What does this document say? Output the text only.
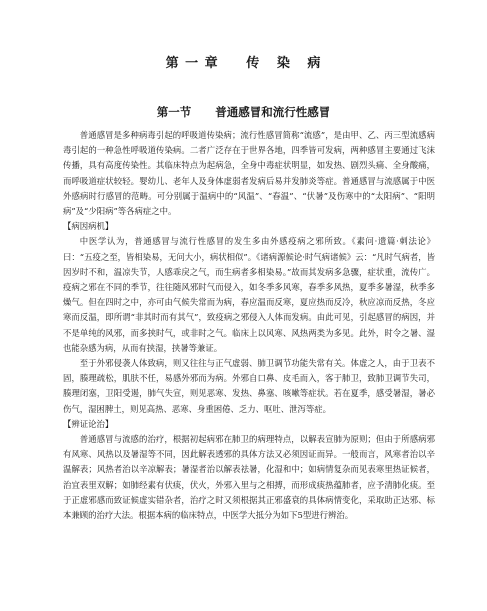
第 一 章     传   染   病
第一节      普通感冒和流行性感冒

普通感冒是多种病毒引起的呼吸道传染病；流行性感冒简称“流感”，是由甲、乙、丙三型流感病毒引起的一种急性呼吸道传染病。二者广泛存在于世界各地，四季皆可发病，两种感冒主要通过飞沫传播，具有高度传染性。其临床特点为起病急，全身中毒症状明显，如发热、剧烈头痛、全身酸痛，而呼吸道症状较轻。婴幼儿、老年人及身体虚弱者发病后易并发肺炎等症。普通感冒与流感属于中医外感病时行感冒的范畴。可分别属于温病中的“风温”、“春温”、“伏暑”及伤寒中的“太阳病”、“阳明病”及“少阳病”等各病症之中。

【病因病机】

中医学认为，普通感冒与流行性感冒的发生多由外感疫病之邪所致。《素问·遗篇·刺法论》曰：“五疫之至，皆相染易，无问大小，病状相似”。《诸病源候论·时气病诸候》云：“凡时气病者，皆因岁时不和，温凉失节，人感乖戾之气，而生病者多相染易。”故而其发病多急骤，症状重，流传广。疫病之邪在不同的季节，往往随风邪时气而侵入，如冬季多风寒，春季多风热，夏季多暑湿，秋季多燥气。但在四时之中，亦可由气候失常而为病，春应温而反寒，夏应热而反冷，秋应凉而反热，冬应寒而反温，即所谓“非其时而有其气”，致疫病之邪侵入人体而发病。由此可见，引起感冒的病因，并不是单纯的风邪，而多挟时气，或非时之气。临床上以风寒、风热两类为多见。此外，时令之暑、湿也能杂感为病，从而有挟湿，挟暑等兼证。

至于外邪侵袭人体致病，则又往往与正气虚弱、肺卫调节功能失常有关。体虚之人，由于卫表不固，腠理疏松，肌肤不任，易感外邪而为病。外邪自口鼻、皮毛而入，客于肺卫，致肺卫调节失司，腠理闭塞，卫阳受遏，肺气失宣，则见恶寒、发热、鼻塞、咳嗽等症状。若在夏季，感受暑湿，暑必伤气，湿困脾土，则见高热、恶寒、身重困倦、乏力、呕吐、泄泻等症。

【辨证论治】

普通感冒与流感的治疗，根据初起病邪在肺卫的病理特点，以解表宣肺为原则；但由于所感病邪有风寒、风热以及暑湿等不同，因此解表透邪的具体方法又必须因证而异。一般而言，风寒者治以辛温解表；风热者治以辛凉解表；暑湿者治以解表祛暑，化湿和中；如病情复杂而见表寒里热证候者，治宜表里双解；如肺经素有伏痰，伏火，外邪入里与之相搏，而形成痰热蕴肺者，应予清肺化痰。至于正虚邪感而致证候虚实错杂者，治疗之时又须根据其正邪盛衰的具体病情变化，采取助正达邪、标本兼顾的治疗大法。根据本病的临床特点，中医学大抵分为如下5型进行辨治。
